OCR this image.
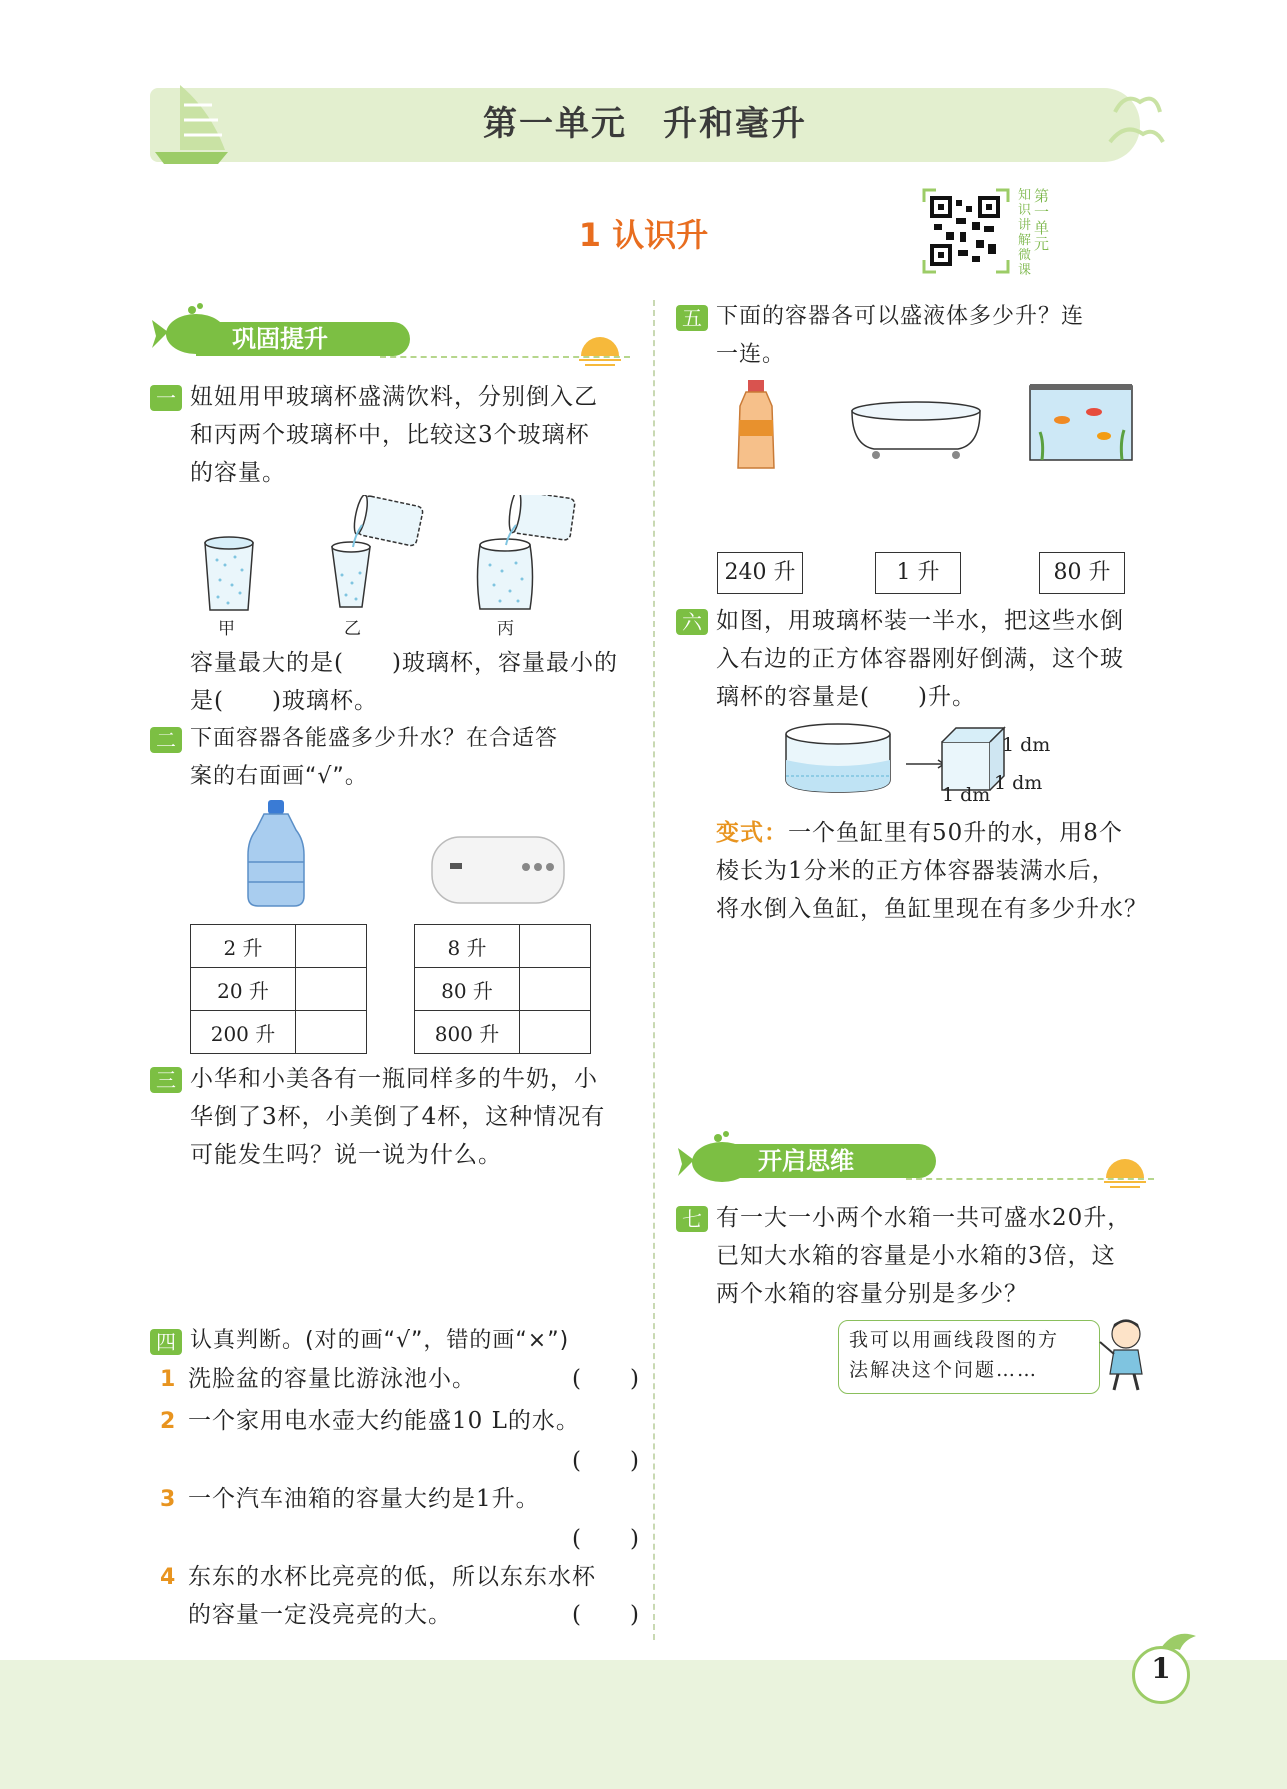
第一单元　升和毫升
1 认识升
第
一
单
元
知
识
讲
解
微
课
巩固提升
一 妞妞用甲玻璃杯盛满饮料，分别倒入乙
和丙两个玻璃杯中，比较这3个玻璃杯
的容量。
甲	乙	丙
容量最大的是(　　)玻璃杯，容量最小的
是(　　)玻璃杯。
二 下面容器各能盛多少升水？在合适答
案的右面画“√”。
2 升	
20 升	
200 升	
8 升	
80 升	
800 升	
三 小华和小美各有一瓶同样多的牛奶，小
华倒了3杯，小美倒了4杯，这种情况有
可能发生吗？说一说为什么。
四 认真判断。(对的画“√”，错的画“×”)
1 洗脸盆的容量比游泳池小。	(　　)
2 一个家用电水壶大约能盛10 L的水。
(　　)
3 一个汽车油箱的容量大约是1升。
(　　)
4 东东的水杯比亮亮的低，所以东东水杯
的容量一定没亮亮的大。	(　　)
五 下面的容器各可以盛液体多少升？连
一连。
240 升	1 升	80 升
六 如图，用玻璃杯装一半水，把这些水倒
入右边的正方体容器刚好倒满，这个玻
璃杯的容量是(　　)升。
1 dm
1 dm
1 dm
变式：一个鱼缸里有50升的水，用8个
棱长为1分米的正方体容器装满水后，
将水倒入鱼缸，鱼缸里现在有多少升水？
开启思维
七 有一大一小两个水箱一共可盛水20升，
已知大水箱的容量是小水箱的3倍，这
两个水箱的容量分别是多少？
我可以用画线段图的方
法解决这个问题……
1
